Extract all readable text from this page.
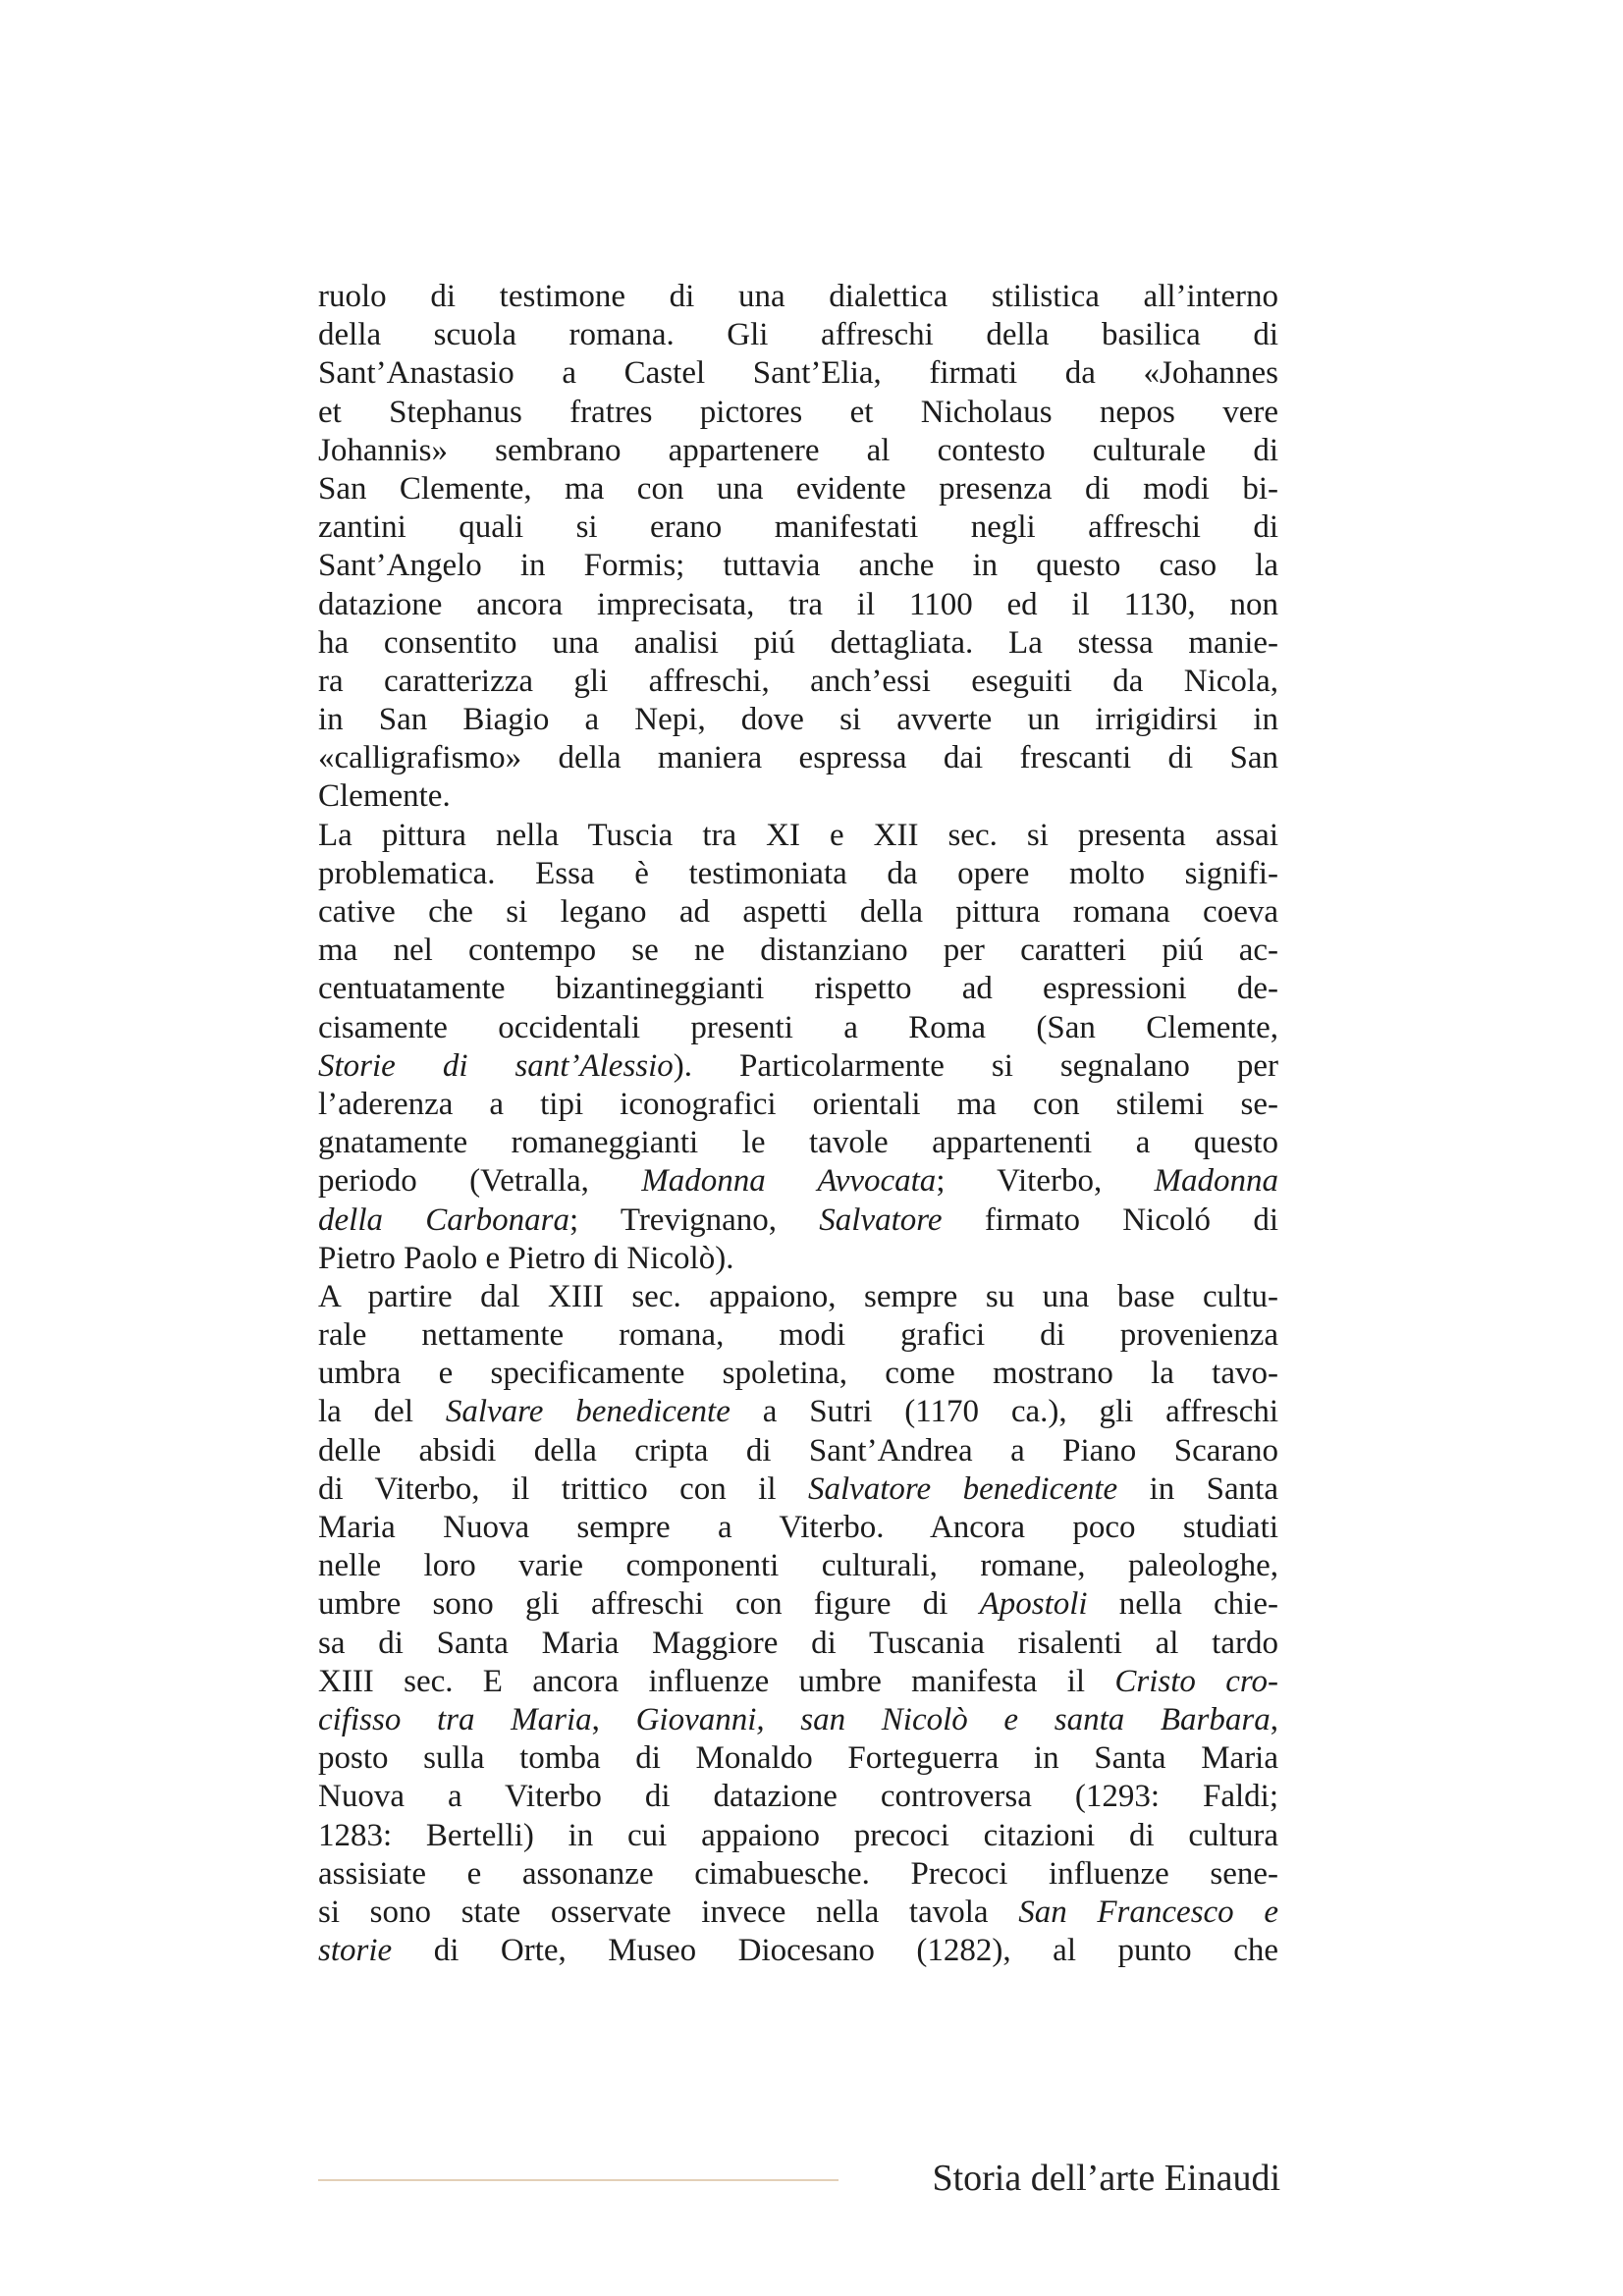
ruolo di testimone di una dialettica stilistica all’interno
della scuola romana. Gli affreschi della basilica di
Sant’Anastasio a Castel Sant’Elia, firmati da «Johannes
et Stephanus fratres pictores et Nicholaus nepos vere
Johannis» sembrano appartenere al contesto culturale di
San Clemente, ma con una evidente presenza di modi bi-
zantini quali si erano manifestati negli affreschi di
Sant’Angelo in Formis; tuttavia anche in questo caso la
datazione ancora imprecisata, tra il 1100 ed il 1130, non
ha consentito una analisi piú dettagliata. La stessa manie-
ra caratterizza gli affreschi, anch’essi eseguiti da Nicola,
in San Biagio a Nepi, dove si avverte un irrigidirsi in
«calligrafismo» della maniera espressa dai frescanti di San
Clemente.
La pittura nella Tuscia tra XI e XII sec. si presenta assai
problematica. Essa è testimoniata da opere molto signifi-
cative che si legano ad aspetti della pittura romana coeva
ma nel contempo se ne distanziano per caratteri piú ac-
centuatamente bizantineggianti rispetto ad espressioni de-
cisamente occidentali presenti a Roma (San Clemente,
Storie di sant’Alessio). Particolarmente si segnalano per
l’aderenza a tipi iconografici orientali ma con stilemi se-
gnatamente romaneggianti le tavole appartenenti a questo
periodo (Vetralla, Madonna Avvocata; Viterbo, Madonna
della Carbonara; Trevignano, Salvatore firmato Nicoló di
Pietro Paolo e Pietro di Nicolò).
A partire dal XIII sec. appaiono, sempre su una base cultu-
rale nettamente romana, modi grafici di provenienza
umbra e specificamente spoletina, come mostrano la tavo-
la del Salvare benedicente a Sutri (1170 ca.), gli affreschi
delle absidi della cripta di Sant’Andrea a Piano Scarano
di Viterbo, il trittico con il Salvatore benedicente in Santa
Maria Nuova sempre a Viterbo. Ancora poco studiati
nelle loro varie componenti culturali, romane, paleologhe,
umbre sono gli affreschi con figure di Apostoli nella chie-
sa di Santa Maria Maggiore di Tuscania risalenti al tardo
XIII sec. E ancora influenze umbre manifesta il Cristo cro-
cifisso tra Maria, Giovanni, san Nicolò e santa Barbara,
posto sulla tomba di Monaldo Forteguerra in Santa Maria
Nuova a Viterbo di datazione controversa (1293: Faldi;
1283: Bertelli) in cui appaiono precoci citazioni di cultura
assisiate e assonanze cimabuesche. Precoci influenze sene-
si sono state osservate invece nella tavola San Francesco e
storie di Orte, Museo Diocesano (1282), al punto che
Storia dell’arte Einaudi
